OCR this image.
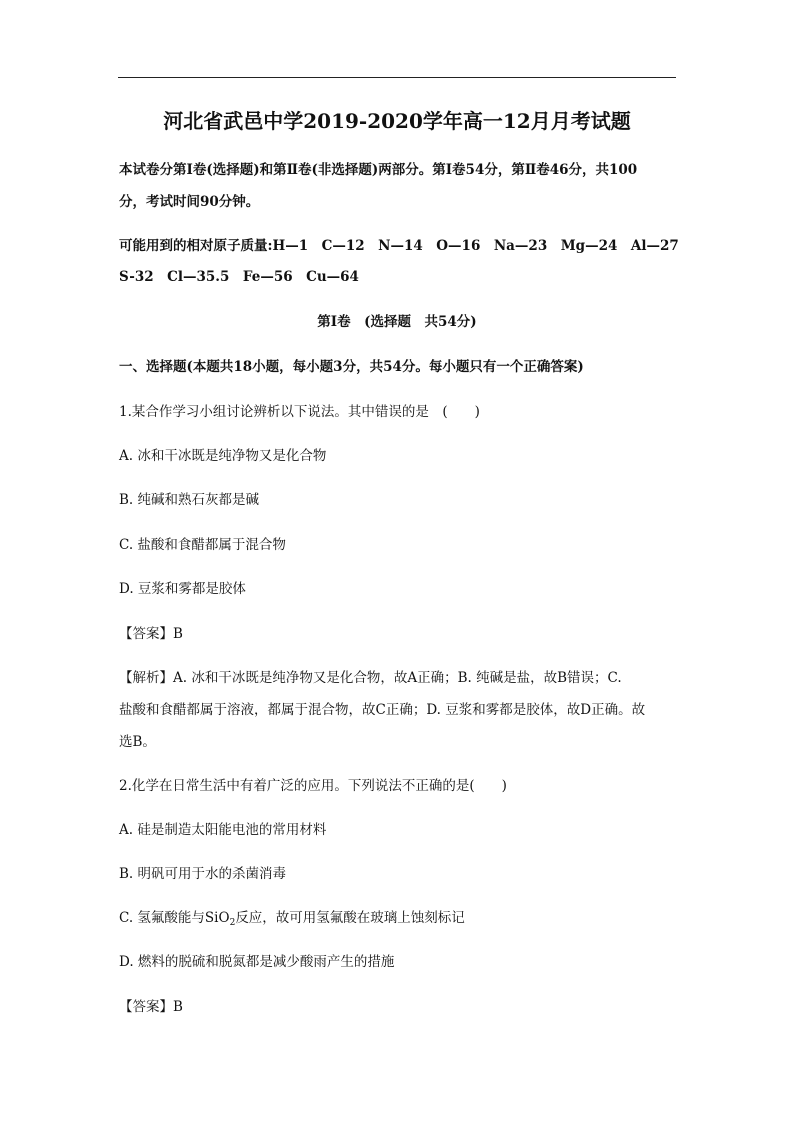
河北省武邑中学2019-2020学年高一12月月考试题
本试卷分第Ⅰ卷(选择题)和第Ⅱ卷(非选择题)两部分。第Ⅰ卷54分，第Ⅱ卷46分，共100
分，考试时间90分钟。
可能用到的相对原子质量:H—1　C—12　N—14　O—16　Na—23　Mg—24　Al—27
S-32　Cl—35.5　Fe—56　Cu—64
第Ⅰ卷　(选择题　共54分)
一、选择题(本题共18小题，每小题3分，共54分。每小题只有一个正确答案)
1.某合作学习小组讨论辨析以下说法。其中错误的是　(　　)
A. 冰和干冰既是纯净物又是化合物
B. 纯碱和熟石灰都是碱
C. 盐酸和食醋都属于混合物
D. 豆浆和雾都是胶体
【答案】B
【解析】A. 冰和干冰既是纯净物又是化合物，故A正确；B. 纯碱是盐，故B错误；C.
盐酸和食醋都属于溶液，都属于混合物，故C正确；D. 豆浆和雾都是胶体，故D正确。故
选B。
2.化学在日常生活中有着广泛的应用。下列说法不正确的是(　　)
A. 硅是制造太阳能电池的常用材料
B. 明矾可用于水的杀菌消毒
C. 氢氟酸能与SiO$_2$反应，故可用氢氟酸在玻璃上蚀刻标记
D. 燃料的脱硫和脱氮都是减少酸雨产生的措施
【答案】B
